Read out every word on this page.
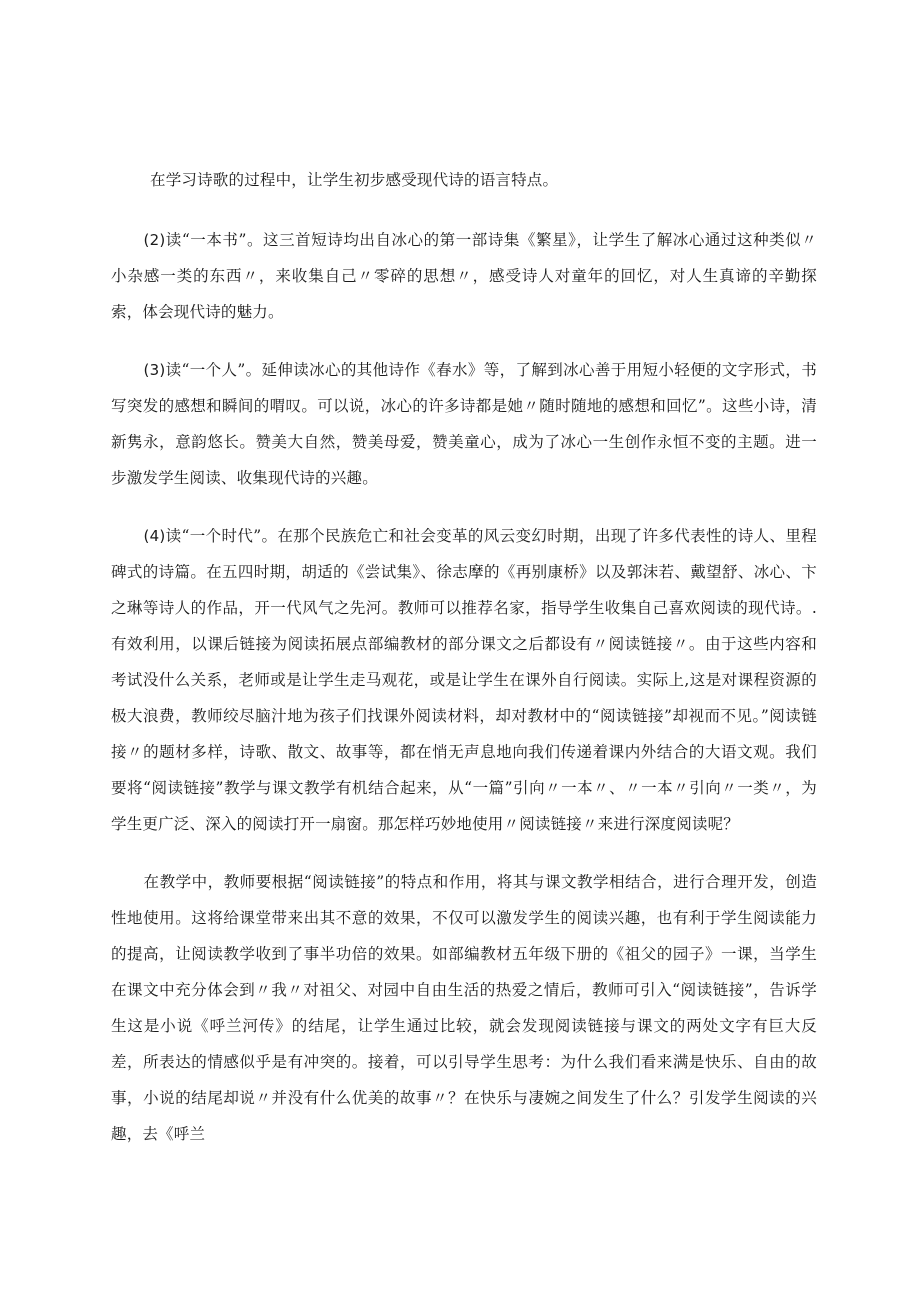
在学习诗歌的过程中，让学生初步感受现代诗的语言特点。

(2)读“一本书”。这三首短诗均出自冰心的第一部诗集《繁星》，让学生了解冰心通过这种类似〃小杂感一类的东西〃，来收集自己〃零碎的思想〃，感受诗人对童年的回忆，对人生真谛的辛勤探索，体会现代诗的魅力。

(3)读“一个人”。延伸读冰心的其他诗作《春水》等，了解到冰心善于用短小轻便的文字形式，书写突发的感想和瞬间的喟叹。可以说，冰心的许多诗都是她〃随时随地的感想和回忆”。这些小诗，清新隽永，意韵悠长。赞美大自然，赞美母爱，赞美童心，成为了冰心一生创作永恒不变的主题。进一步激发学生阅读、收集现代诗的兴趣。

(4)读“一个时代”。在那个民族危亡和社会变革的风云变幻时期，出现了许多代表性的诗人、里程碑式的诗篇。在五四时期，胡适的《尝试集》、徐志摩的《再别康桥》以及郭沫若、戴望舒、冰心、卞之琳等诗人的作品，开一代风气之先河。教师可以推荐名家，指导学生收集自己喜欢阅读的现代诗。.有效利用，以课后链接为阅读拓展点部编教材的部分课文之后都设有〃阅读链接〃。由于这些内容和考试没什么关系，老师或是让学生走马观花，或是让学生在课外自行阅读。实际上,这是对课程资源的极大浪费，教师绞尽脑汁地为孩子们找课外阅读材料，却对教材中的“阅读链接”却视而不见。”阅读链接〃的题材多样，诗歌、散文、故事等，都在悄无声息地向我们传递着课内外结合的大语文观。我们要将“阅读链接”教学与课文教学有机结合起来，从“一篇”引向〃一本〃、〃一本〃引向〃一类〃，为学生更广泛、深入的阅读打开一扇窗。那怎样巧妙地使用〃阅读链接〃来进行深度阅读呢？

在教学中，教师要根据“阅读链接”的特点和作用，将其与课文教学相结合，进行合理开发，创造性地使用。这将给课堂带来出其不意的效果，不仅可以激发学生的阅读兴趣，也有利于学生阅读能力的提高，让阅读教学收到了事半功倍的效果。如部编教材五年级下册的《祖父的园子》一课，当学生在课文中充分体会到〃我〃对祖父、对园中自由生活的热爱之情后，教师可引入“阅读链接”，告诉学生这是小说《呼兰河传》的结尾，让学生通过比较，就会发现阅读链接与课文的两处文字有巨大反差，所表达的情感似乎是有冲突的。接着，可以引导学生思考：为什么我们看来满是快乐、自由的故事，小说的结尾却说〃并没有什么优美的故事〃？在快乐与凄婉之间发生了什么？引发学生阅读的兴趣，去《呼兰
